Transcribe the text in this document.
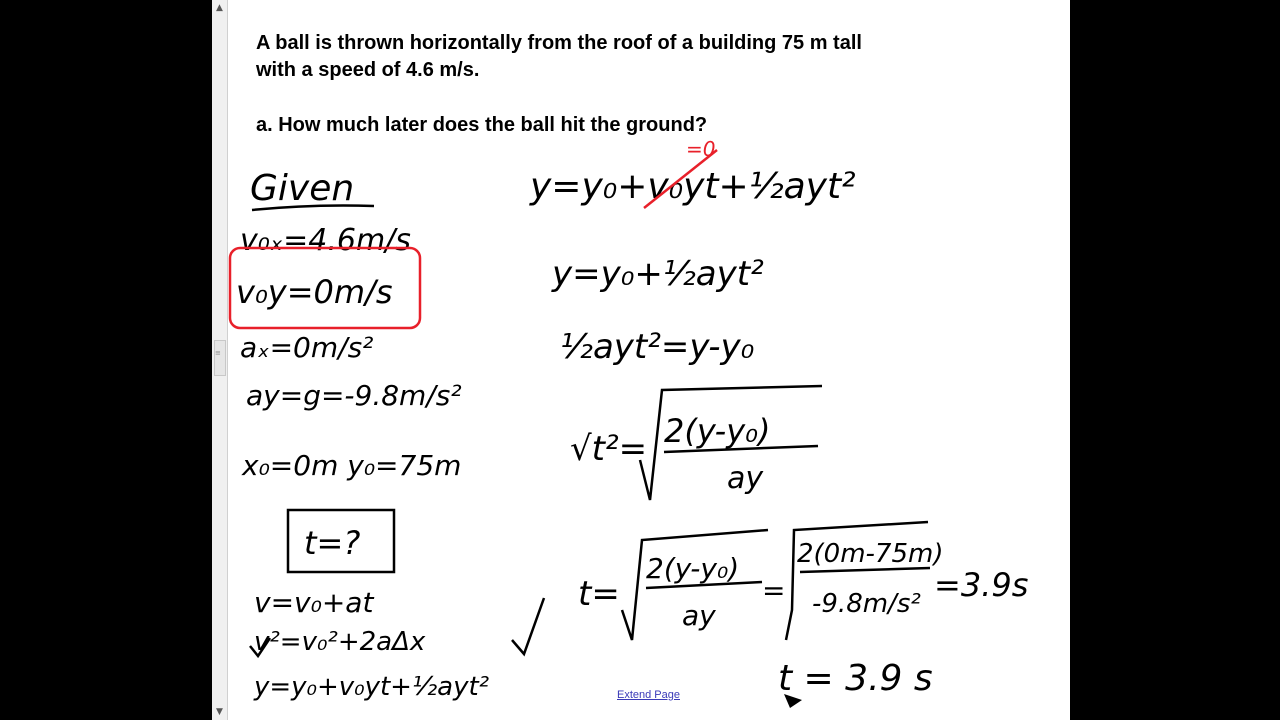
▲
≡
▼

A ball is thrown horizontally from the roof of a building 75 m tall

with a speed of 4.6 m/s.

a. How much later does the ball hit the ground?
Given
v₀ₓ=4.6m/s
v₀y=0m/s
aₓ=0m/s²
ay=g=-9.8m/s²
x₀=0m y₀=75m
t=?
v=v₀+at
v²=v₀²+2aΔx
y=y₀+v₀yt+½ayt²
y=y₀+v₀yt+½ayt²
=0
y=y₀+½ayt²
½ayt²=y-y₀
√t²= 2(y-y₀)
ay
t=
2(y-y₀)
ay
=
2(0m-75m)
-9.8m/s² =3.9s
t = 3.9 s
Extend Page
